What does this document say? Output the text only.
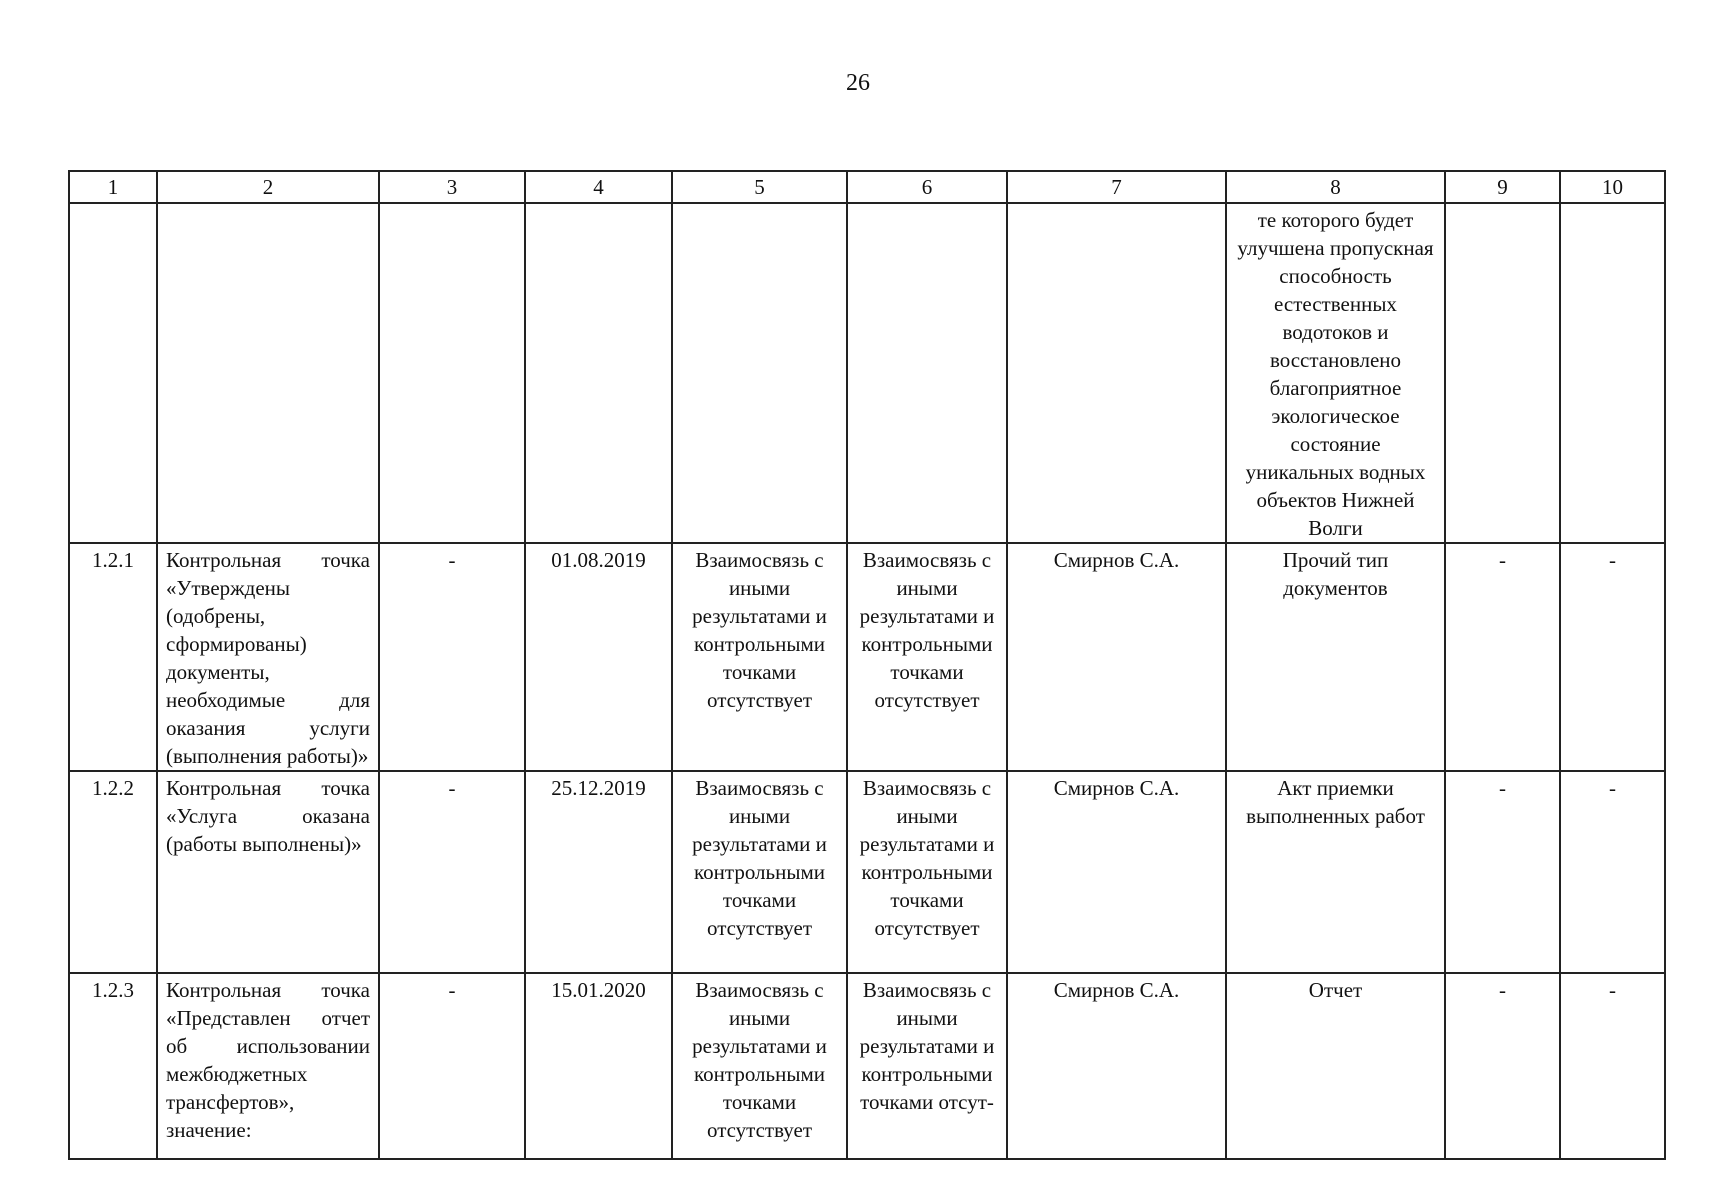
26
1	2	3	4	5	6	7	8	9	10
							те которого будет улучшена пропускная способность естественных водотоков и восстановлено благоприятное экологическое состояние уникальных водных объектов Нижней Волги		
1.2.1	Контрольная точка «Утверждены (одобрены, сформированы) документы, необходимые для оказания услуги (выполнения работы)»	-	01.08.2019	Взаимосвязь с иными результатами и контрольными точками отсутствует	Взаимосвязь с иными результатами и контрольными точками отсутствует	Смирнов С.А.	Прочий тип документов	-	-
1.2.2	Контрольная точка «Услуга оказана (работы выполнены)»	-	25.12.2019	Взаимосвязь с иными результатами и контрольными точками отсутствует	Взаимосвязь с иными результатами и контрольными точками отсутствует	Смирнов С.А.	Акт приемки выполненных работ	-	-
1.2.3	Контрольная точка «Представлен отчет об использовании межбюджетных трансфертов», значение:	-	15.01.2020	Взаимосвязь с иными результатами и контрольными точками отсутствует	Взаимосвязь с иными результатами и контрольными точками отсут-	Смирнов С.А.	Отчет	-	-
